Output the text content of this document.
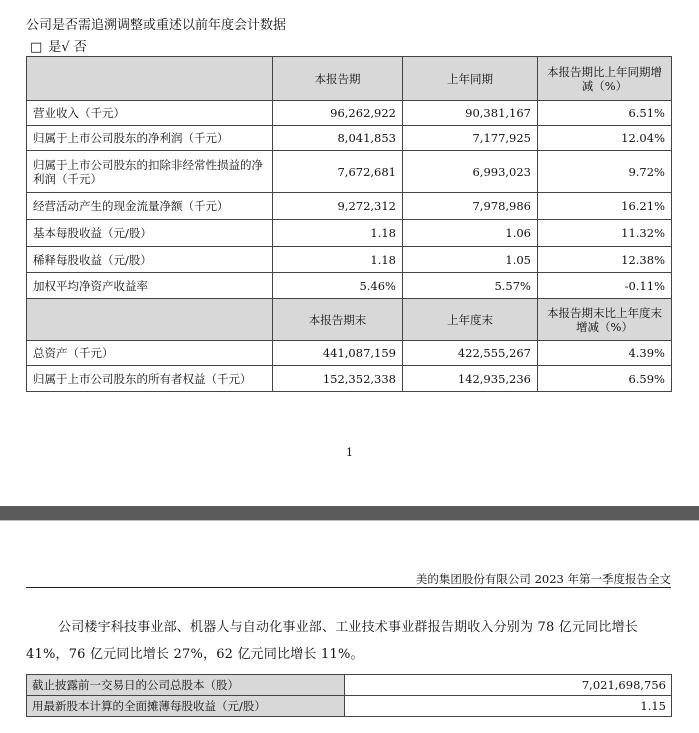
公司是否需追溯调整或重述以前年度会计数据
□ 是√ 否
	本报告期	上年同期	本报告期比上年同期增减（%）
营业收入（千元）	96,262,922	90,381,167	6.51%
归属于上市公司股东的净利润（千元）	8,041,853	7,177,925	12.04%
归属于上市公司股东的扣除非经常性损益的净利润（千元）	7,672,681	6,993,023	9.72%
经营活动产生的现金流量净额（千元）	9,272,312	7,978,986	16.21%
基本每股收益（元/股）	1.18	1.06	11.32%
稀释每股收益（元/股）	1.18	1.05	12.38%
加权平均净资产收益率	5.46%	5.57%	-0.11%
	本报告期末	上年度末	本报告期末比上年度末增减（%）
总资产（千元）	441,087,159	422,555,267	4.39%
归属于上市公司股东的所有者权益（千元）	152,352,338	142,935,236	6.59%
1
美的集团股份有限公司 2023 年第一季度报告全文
公司楼宇科技事业部、机器人与自动化事业部、工业技术事业群报告期收入分别为 78 亿元同比增长
41%，76 亿元同比增长 27%，62 亿元同比增长 11%。
截止披露前一交易日的公司总股本（股）	7,021,698,756
用最新股本计算的全面摊薄每股收益（元/股）	1.15
